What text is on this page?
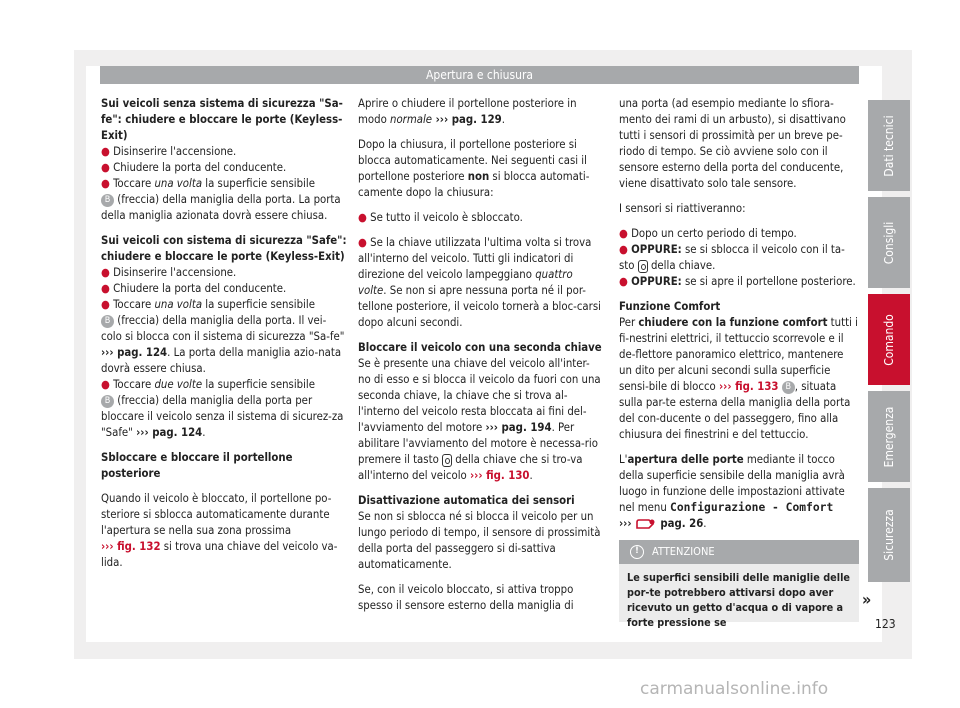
Apertura e chiusura

Sui veicoli senza sistema di sicurezza "Sa-fe": chiudere e bloccare le porte (Keyless-Exit)

● Disinserire l'accensione.

● Chiudere la porta del conducente.

● Toccare una volta la superficie sensibile
B (freccia) della maniglia della porta. La porta della maniglia azionata dovrà essere chiusa.

Sui veicoli con sistema di sicurezza "Safe": chiudere e bloccare le porte (Keyless-Exit)

● Disinserire l'accensione.

● Chiudere la porta del conducente.

● Toccare una volta la superficie sensibile
B (freccia) della maniglia della porta. Il vei-colo si blocca con il sistema di sicurezza "Sa-fe" ››› pag. 124. La porta della maniglia azio-nata dovrà essere chiusa.

● Toccare due volte la superficie sensibile
B (freccia) della maniglia della porta per bloccare il veicolo senza il sistema di sicurez-za "Safe" ››› pag. 124.

Sbloccare e bloccare il portellone posteriore

Quando il veicolo è bloccato, il portellone po-steriore si sblocca automaticamente durante l'apertura se nella sua zona prossima
››› fig. 132 si trova una chiave del veicolo va-lida.

Aprire o chiudere il portellone posteriore in modo normale ››› pag. 129.

Dopo la chiusura, il portellone posteriore si blocca automaticamente. Nei seguenti casi il portellone posteriore non si blocca automati-camente dopo la chiusura:

● Se tutto il veicolo è sbloccato.

● Se la chiave utilizzata l'ultima volta si trova all'interno del veicolo. Tutti gli indicatori di direzione del veicolo lampeggiano quattro volte. Se non si apre nessuna porta né il por-tellone posteriore, il veicolo tornerà a bloc-carsi dopo alcuni secondi.

Bloccare il veicolo con una seconda chiave

Se è presente una chiave del veicolo all'inter-no di esso e si blocca il veicolo da fuori con una seconda chiave, la chiave che si trova al-l'interno del veicolo resta bloccata ai fini del-l'avviamento del motore ››› pag. 194. Per abilitare l'avviamento del motore è necessa-rio premere il tasto  della chiave che si tro-va all'interno del veicolo ››› fig. 130.

Disattivazione automatica dei sensori

Se non si sblocca né si blocca il veicolo per un lungo periodo di tempo, il sensore di prossimità della porta del passeggero si di-sattiva automaticamente.

Se, con il veicolo bloccato, si attiva troppo spesso il sensore esterno della maniglia di

una porta (ad esempio mediante lo sfiora-mento dei rami di un arbusto), si disattivano tutti i sensori di prossimità per un breve pe-riodo di tempo. Se ciò avviene solo con il sensore esterno della porta del conducente, viene disattivato solo tale sensore.

I sensori si riattiveranno:

● Dopo un certo periodo di tempo.

● OPPURE: se si sblocca il veicolo con il ta-sto  della chiave.

● OPPURE: se si apre il portellone posteriore.

Funzione Comfort

Per chiudere con la funzione comfort tutti i fi-nestrini elettrici, il tettuccio scorrevole e il de-flettore panoramico elettrico, mantenere un dito per alcuni secondi sulla superficie sensi-bile di blocco ››› fig. 133 B , situata sulla par-te esterna della maniglia della porta del con-ducente o del passeggero, fino alla chiusura dei finestrini e del tettuccio.

L'apertura delle porte mediante il tocco della superficie sensibile della maniglia avrà luogo in funzione delle impostazioni attivate nel menu Configurazione - Comfort
›››  pag. 26.

!	ATTENZIONE
Le superfici sensibili delle maniglie delle por-te potrebbero attivarsi dopo aver ricevuto un getto d'acqua o di vapore a forte pressione se
»
Dati tecnici
Consigli
Comando
Emergenza
Sicurezza
123
carmanualsonline.info
